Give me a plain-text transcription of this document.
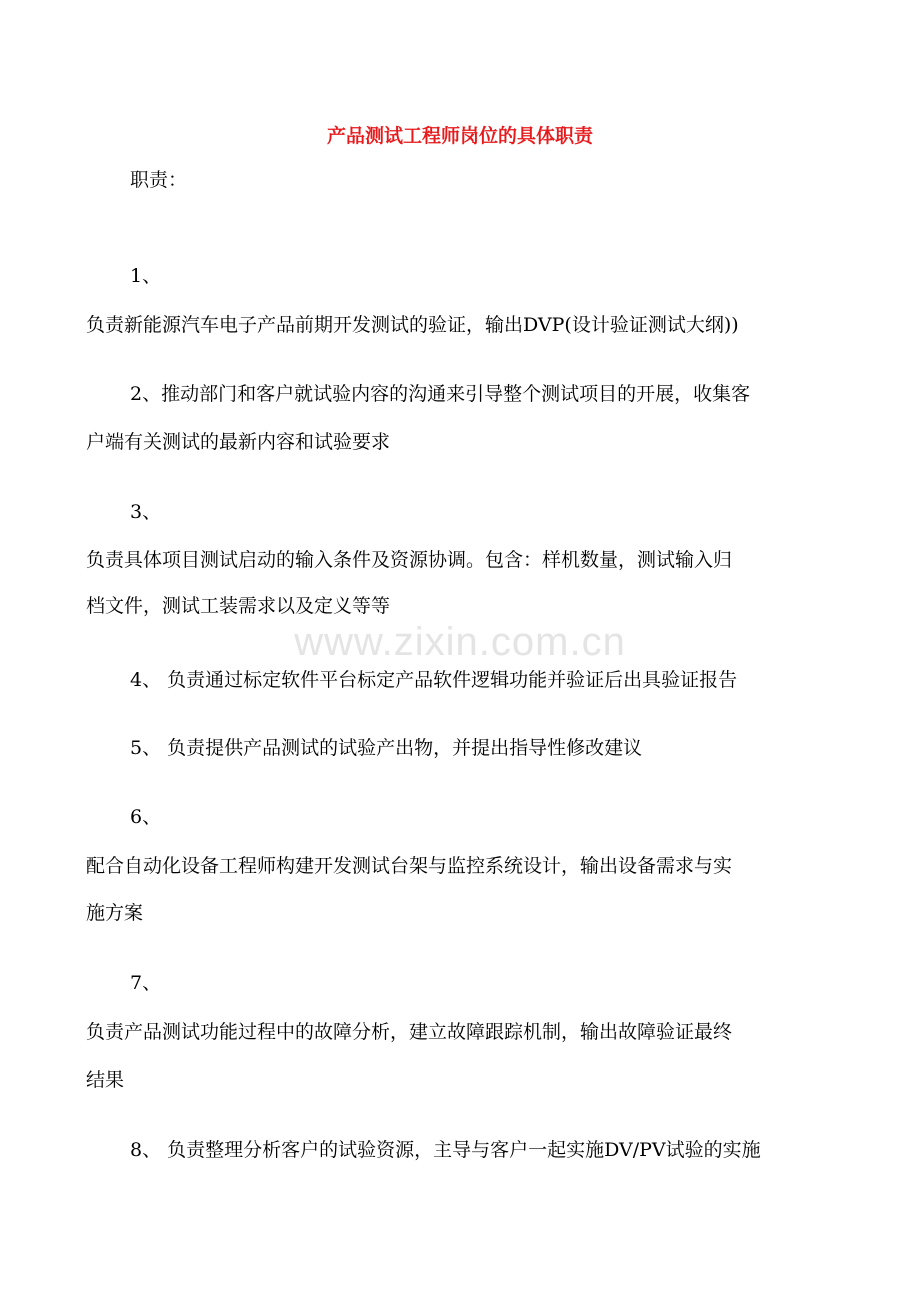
产品测试工程师岗位的具体职责
www.zixin.com.cn
职责：
1、
负责新能源汽车电子产品前期开发测试的验证，输出DVP(设计验证测试大纲))
2、推动部门和客户就试验内容的沟通来引导整个测试项目的开展，收集客
户端有关测试的最新内容和试验要求
3、
负责具体项目测试启动的输入条件及资源协调。包含：样机数量，测试输入归
档文件，测试工装需求以及定义等等
4、 负责通过标定软件平台标定产品软件逻辑功能并验证后出具验证报告
5、 负责提供产品测试的试验产出物，并提出指导性修改建议
6、
配合自动化设备工程师构建开发测试台架与监控系统设计，输出设备需求与实
施方案
7、
负责产品测试功能过程中的故障分析，建立故障跟踪机制，输出故障验证最终
结果
8、 负责整理分析客户的试验资源，主导与客户一起实施DV/PV试验的实施
